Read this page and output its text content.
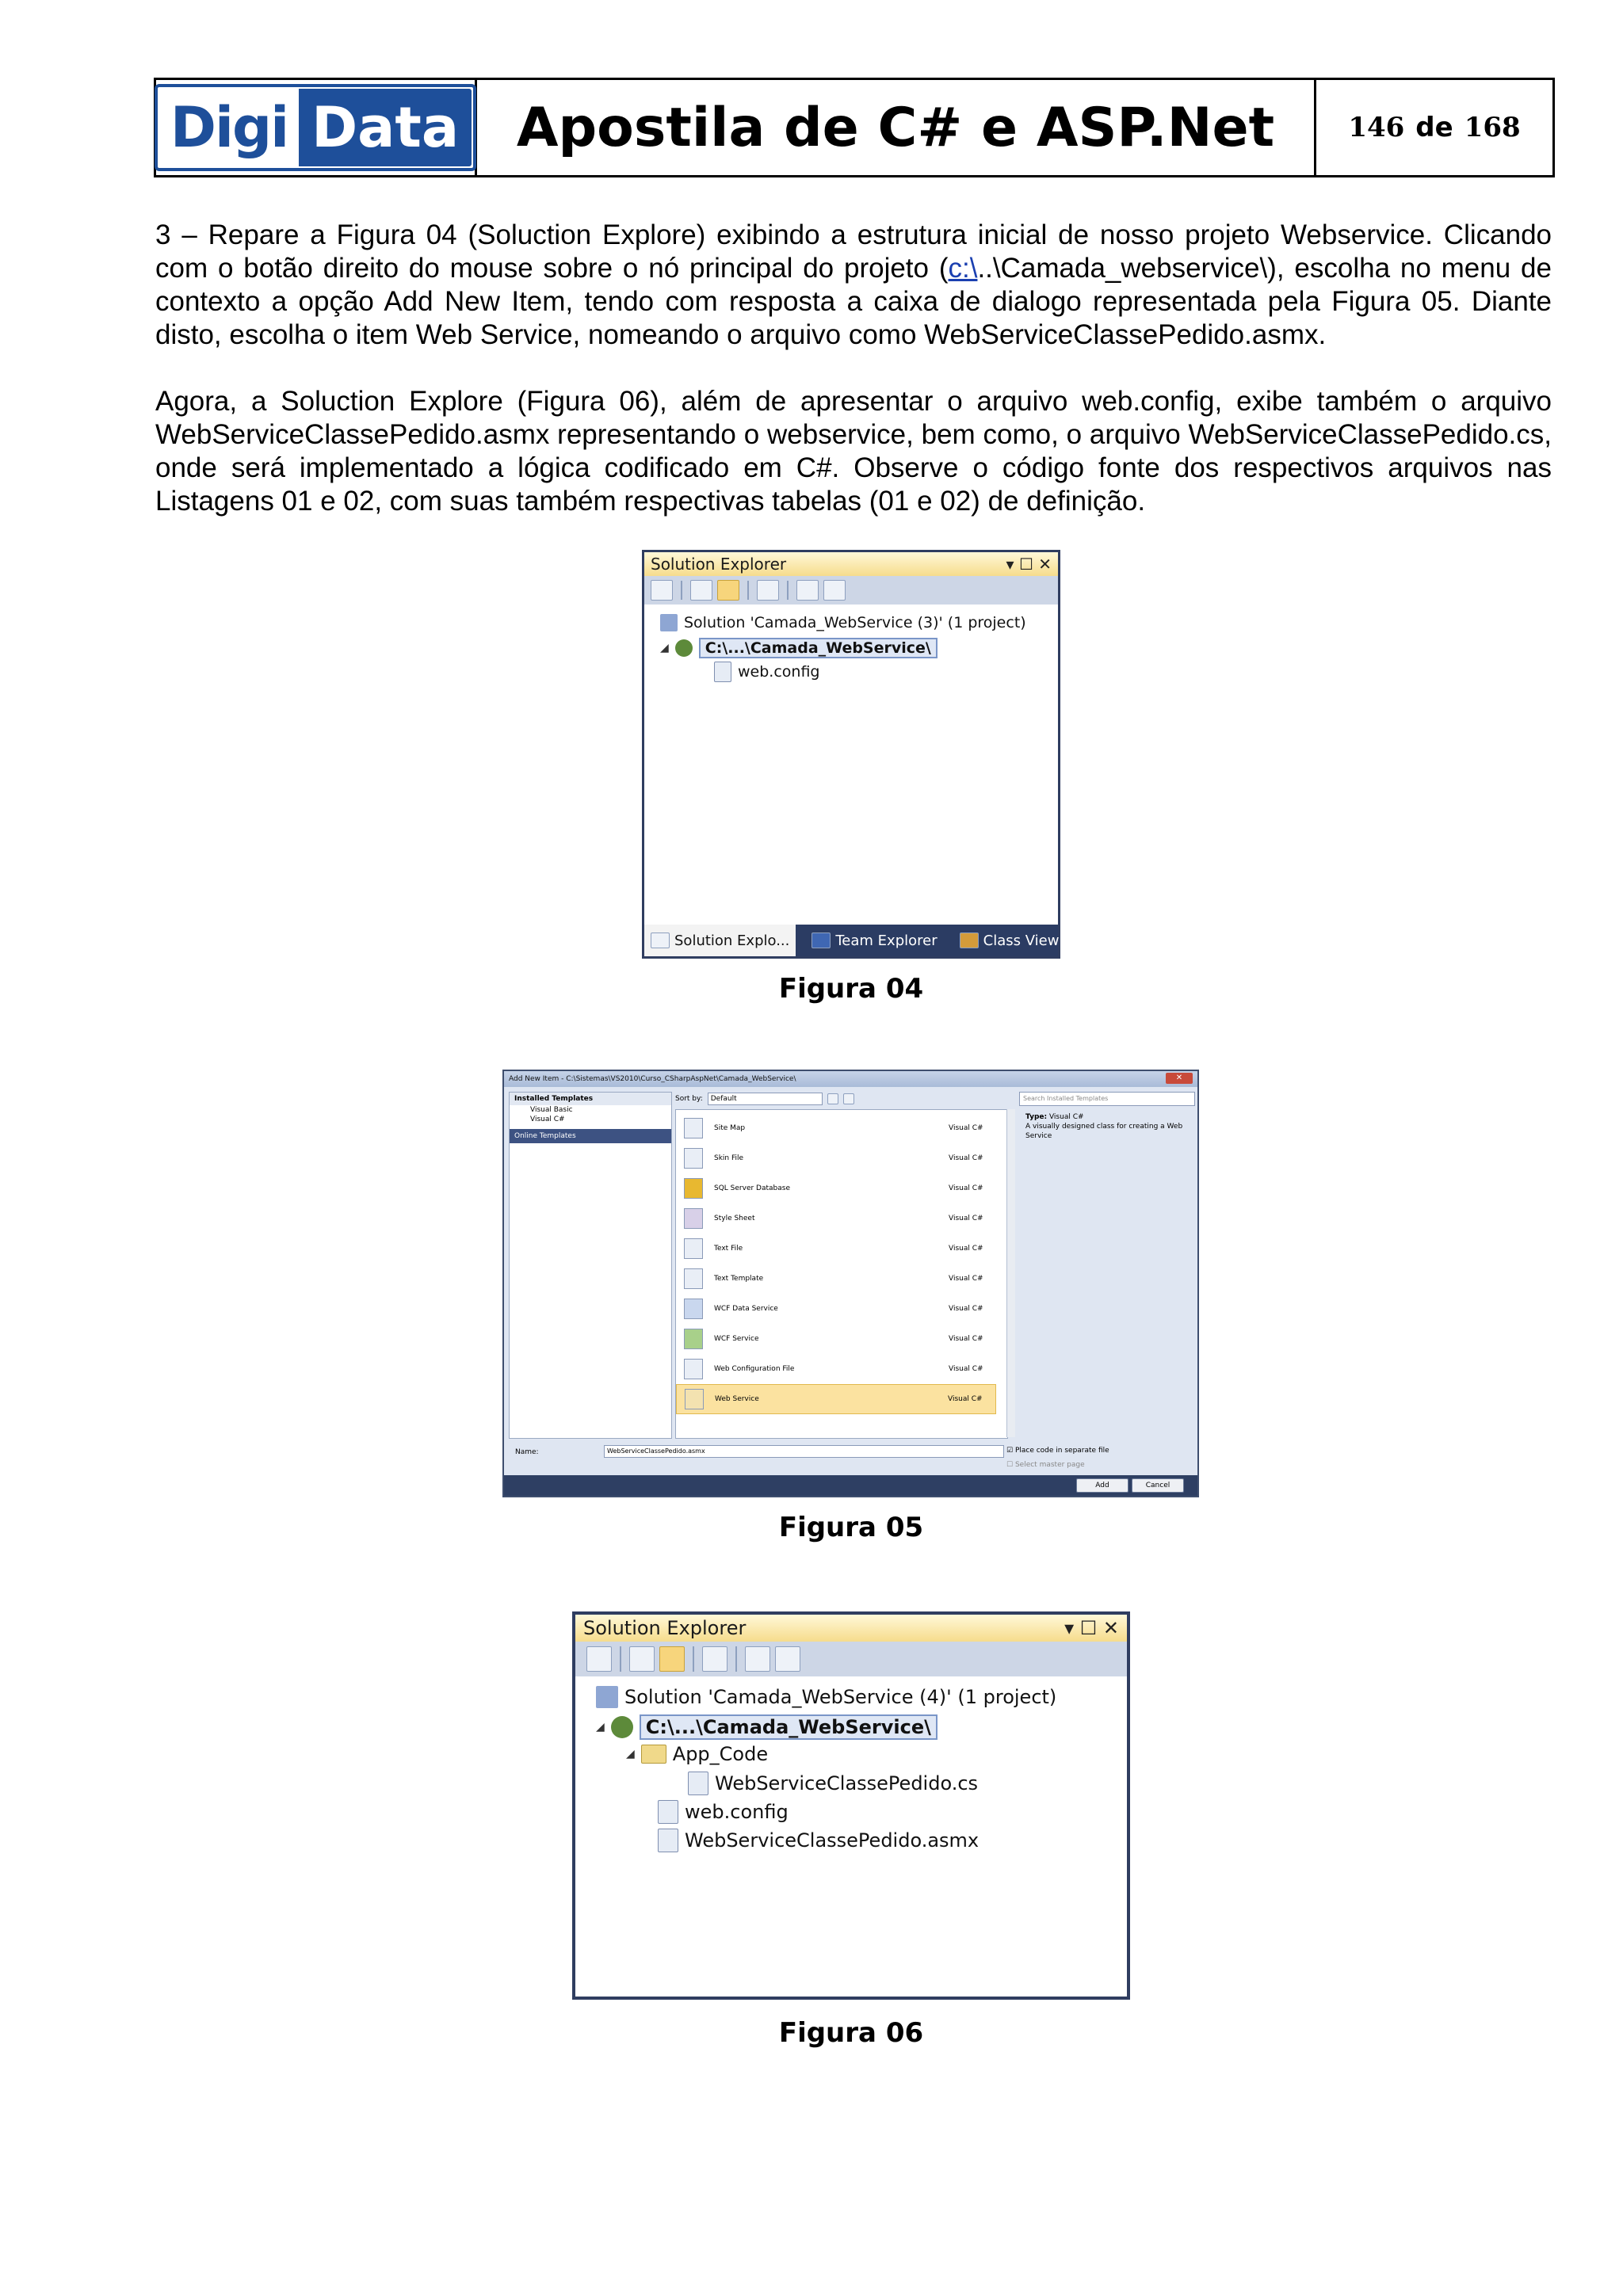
Digi Data	Apostila de C# e ASP.Net	146 de 168
3 – Repare a Figura 04 (Soluction Explore) exibindo a estrutura inicial de nosso projeto Webservice. Clicando com o botão direito do mouse sobre o nó principal do projeto (c:\..\Camada_webservice\), escolha no menu de contexto a opção Add New Item, tendo com resposta a caixa de dialogo representada pela Figura 05. Diante disto, escolha o item Web Service, nomeando o arquivo como WebServiceClassePedido.asmx.
Agora, a Soluction Explore (Figura 06), além de apresentar o arquivo web.config, exibe também o arquivo WebServiceClassePedido.asmx representando o webservice, bem como, o arquivo WebServiceClassePedido.cs, onde será implementado a lógica codificado em C#. Observe o código fonte dos respectivos arquivos nas Listagens 01 e 02, com suas também respectivas tabelas (01 e 02) de definição.
Solution Explorer	▾ ☐ ✕
Solution 'Camada_WebService (3)' (1 project)
◢	C:\...\Camada_WebService\
web.config
Solution Explo...	Team Explorer	Class View
Figura 04
Add New Item - C:\Sistemas\VS2010\Curso_CSharpAspNet\Camada_WebService\	✕
Installed Templates
Visual Basic
Visual C#
Online Templates
Sort by:	Default
Site Map	Visual C#
Skin File	Visual C#
SQL Server Database	Visual C#
Style Sheet	Visual C#
Text File	Visual C#
Text Template	Visual C#
WCF Data Service	Visual C#
WCF Service	Visual C#
Web Configuration File	Visual C#
Web Service	Visual C#
Search Installed Templates
Type: Visual C#
A visually designed class for creating a Web Service
Name:	WebServiceClassePedido.asmx	☑ Place code in separate file
☐ Select master page
Add	Cancel
Figura 05
Solution Explorer	▾ ☐ ✕
Solution 'Camada_WebService (4)' (1 project)
◢	C:\...\Camada_WebService\
◢ App_Code
WebServiceClassePedido.cs
web.config
WebServiceClassePedido.asmx
Figura 06
